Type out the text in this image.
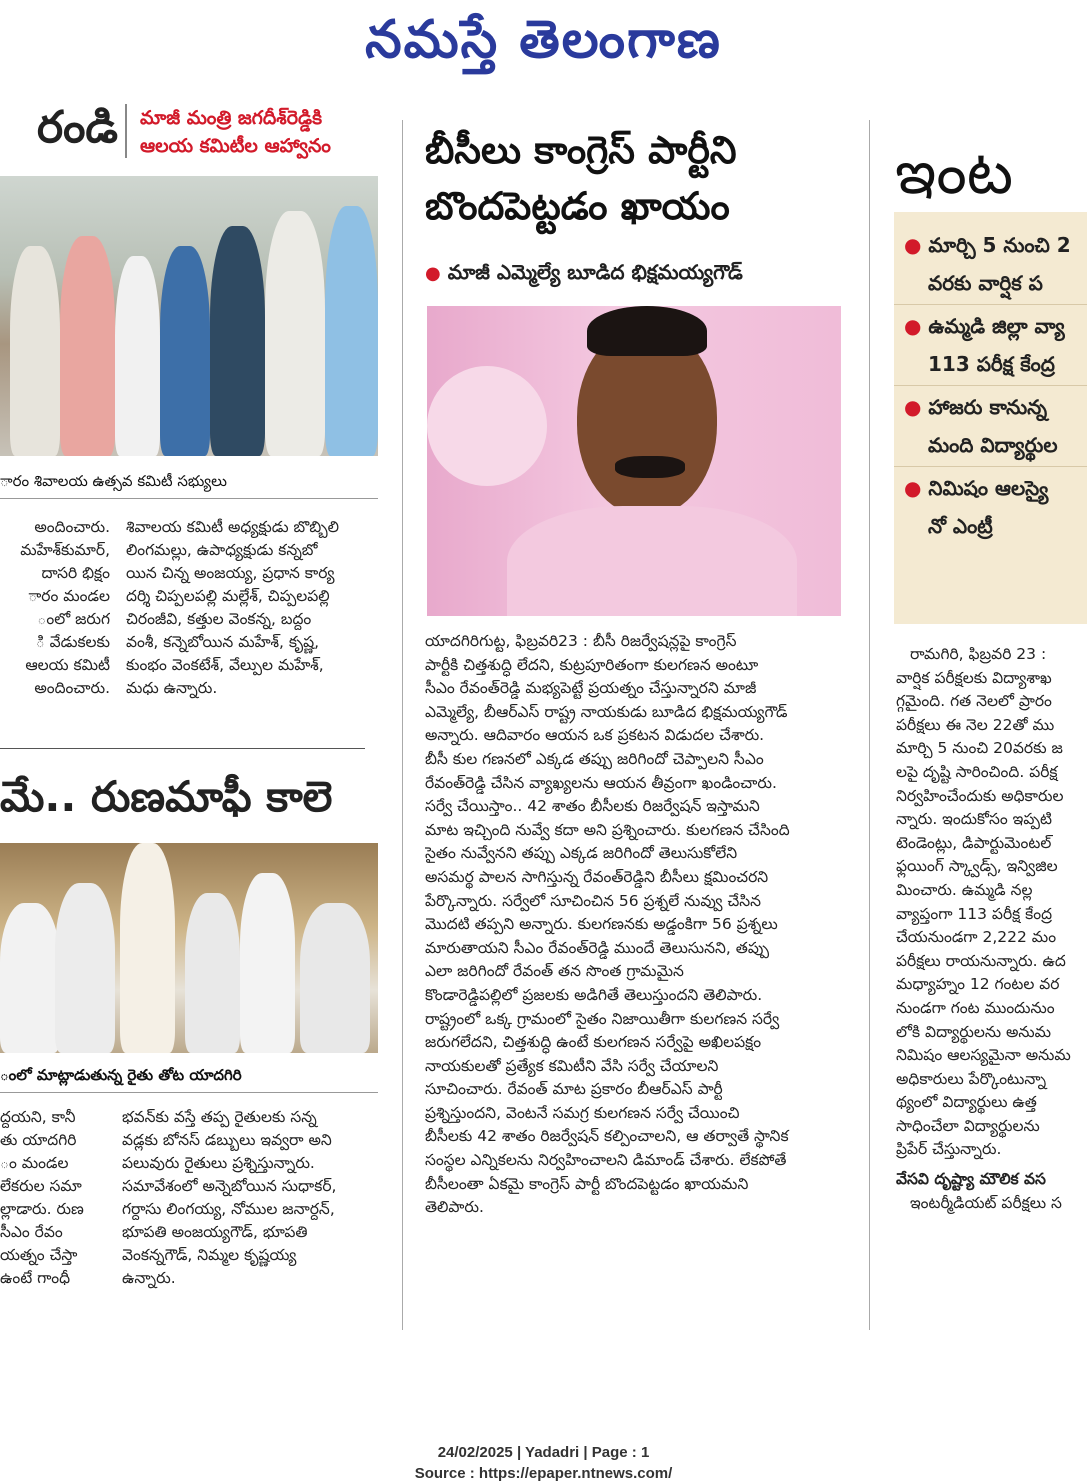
నమస్తే తెలంగాణ
రండి మాజీ మంత్రి జగదీశ్‌రెడ్డికి
ఆలయ కమిటీల ఆహ్వానం
ారం శివాలయ ఉత్సవ కమిటీ సభ్యులు

అందించారు.

మహేశ్‌కుమార్,

దాసరి భిక్షం

ారం మండల

ంలో జరుగ

ి వేడుకలకు

ఆలయ కమిటీ

అందించారు.

శివాలయ కమిటీ అధ్యక్షుడు బొబ్బిలి

లింగమల్లు, ఉపాధ్యక్షుడు కన్నబో

యిన చిన్న అంజయ్య, ప్రధాన కార్య

దర్శి చిప్పలపల్లి మల్లేశ్, చిప్పలపల్లి

చిరంజీవి, కత్తుల వెంకన్న, బద్దం

వంశీ, కన్నెబోయిన మహేశ్, కృష్ణ,

కుంభం వెంకటేశ్, వేల్పుల మహేశ్,

మధు ఉన్నారు.

మే.. రుణమాఫీ కాలె
ంలో మాట్లాడుతున్న రైతు తోట యాదగిరి

ద్దయని, కానీ

తు యాదగిరి

ం మండల

లేకరుల సమా

ల్లాడారు. రుణ

సీఎం రేవం

యత్నం చేస్తా

ఉంటే గాంధీ

భవన్‌కు వస్తే తప్ప రైతులకు సన్న

వడ్లకు బోనస్ డబ్బులు ఇవ్వరా అని

పలువురు రైతులు ప్రశ్నిస్తున్నారు.

సమావేశంలో అన్నెబోయిన సుధాకర్,

గర్దాసు లింగయ్య, నోముల జనార్దన్,

భూపతి అంజయ్యగౌడ్, భూపతి

వెంకన్నగౌడ్, నిమ్మల కృష్ణయ్య

ఉన్నారు.

బీసీలు కాంగ్రెస్ పార్టీని
బొందపెట్టడం ఖాయం
● మాజీ ఎమ్మెల్యే బూడిద భిక్షమయ్యగౌడ్

యాదగిరిగుట్ట, ఫిబ్రవరి23 : బీసీ రిజర్వేషన్లపై కాంగ్రెస్

పార్టీకి చిత్తశుద్ధి లేదని, కుట్రపూరితంగా కులగణన అంటూ

సీఎం రేవంత్‌రెడ్డి మభ్యపెట్టే ప్రయత్నం చేస్తున్నారని మాజీ

ఎమ్మెల్యే, బీఆర్‌ఎస్ రాష్ట్ర నాయకుడు బూడిద భిక్షమయ్యగౌడ్

అన్నారు. ఆదివారం ఆయన ఒక ప్రకటన విడుదల చేశారు.

బీసీ కుల గణనలో ఎక్కడ తప్పు జరిగిందో చెప్పాలని సీఎం

రేవంత్‌రెడ్డి చేసిన వ్యాఖ్యలను ఆయన తీవ్రంగా ఖండించారు.

సర్వే చేయిస్తాం.. 42 శాతం బీసీలకు రిజర్వేషన్ ఇస్తామని

మాట ఇచ్చింది నువ్వే కదా అని ప్రశ్నించారు. కులగణన చేసింది

సైతం నువ్వేనని తప్పు ఎక్కడ జరిగిందో తెలుసుకోలేని

అసమర్థ పాలన సాగిస్తున్న రేవంత్‌రెడ్డిని బీసీలు క్షమించరని

పేర్కొన్నారు. సర్వేలో సూచించిన 56 ప్రశ్నలే నువ్వు చేసిన

మొదటి తప్పని అన్నారు. కులగణనకు అడ్డంకిగా 56 ప్రశ్నలు

మారుతాయని సీఎం రేవంత్‌రెడ్డి ముందే తెలుసునని, తప్పు

ఎలా జరిగిందో రేవంత్ తన సొంత గ్రామమైన

కొండారెడ్డిపల్లిలో ప్రజలకు అడిగితే తెలుస్తుందని తెలిపారు.

రాష్ట్రంలో ఒక్క గ్రామంలో సైతం నిజాయితీగా కులగణన సర్వే

జరుగలేదని, చిత్తశుద్ధి ఉంటే కులగణన సర్వేపై అఖిలపక్షం

నాయకులతో ప్రత్యేక కమిటీని వేసి సర్వే చేయాలని

సూచించారు. రేవంత్ మాట ప్రకారం బీఆర్‌ఎస్ పార్టీ

ప్రశ్నిస్తుందని, వెంటనే సమగ్ర కులగణన సర్వే చేయించి

బీసీలకు 42 శాతం రిజర్వేషన్ కల్పించాలని, ఆ తర్వాతే స్థానిక

సంస్థల ఎన్నికలను నిర్వహించాలని డిమాండ్ చేశారు. లేకపోతే

బీసీలంతా ఏకమై కాంగ్రెస్ పార్టీ బొందపెట్టడం ఖాయమని

తెలిపారు.

ఇంట
● మార్చి 5 నుంచి 2
వరకు వార్షిక ప
● ఉమ్మడి జిల్లా వ్యా
113 పరీక్ష కేంద్ర
● హాజరు కానున్న
మంది విద్యార్థుల
● నిమిషం ఆలస్యై
నో ఎంట్రీ

రామగిరి, ఫిబ్రవరి 23 :

వార్షిక పరీక్షలకు విద్యాశాఖ

గ్గమైంది. గత నెలలో ప్రారం

పరీక్షలు ఈ నెల 22తో ము

మార్చి 5 నుంచి 20వరకు జ

లపై దృష్టి సారించింది. పరీక్ష

నిర్వహించేందుకు అధికారుల

న్నారు. ఇందుకోసం ఇప్పటి

టెండెంట్లు, డిపార్టుమెంటల్

ఫ్లయింగ్ స్క్వాడ్స్, ఇన్విజిల

మించారు. ఉమ్మడి నల్ల

వ్యాప్తంగా 113 పరీక్ష కేంద్ర

చేయనుండగా 2,222 మం

పరీక్షలు రాయనున్నారు. ఉద

మధ్యాహ్నం 12 గంటల వర

నుండగా గంట ముందునుం

లోకి విద్యార్థులను అనుమ

నిమిషం ఆలస్యమైనా అనుమ

అధికారులు పేర్కొంటున్నా

థ్యంలో విద్యార్థులు ఉత్త

సాధించేలా విద్యార్థులను

ప్రిపేర్ చేస్తున్నారు.

వేసవి దృష్ట్యా మౌలిక వస

ఇంటర్మీడియట్ పరీక్షలు స

24/02/2025 | Yadadri | Page : 1
Source : https://epaper.ntnews.com/
